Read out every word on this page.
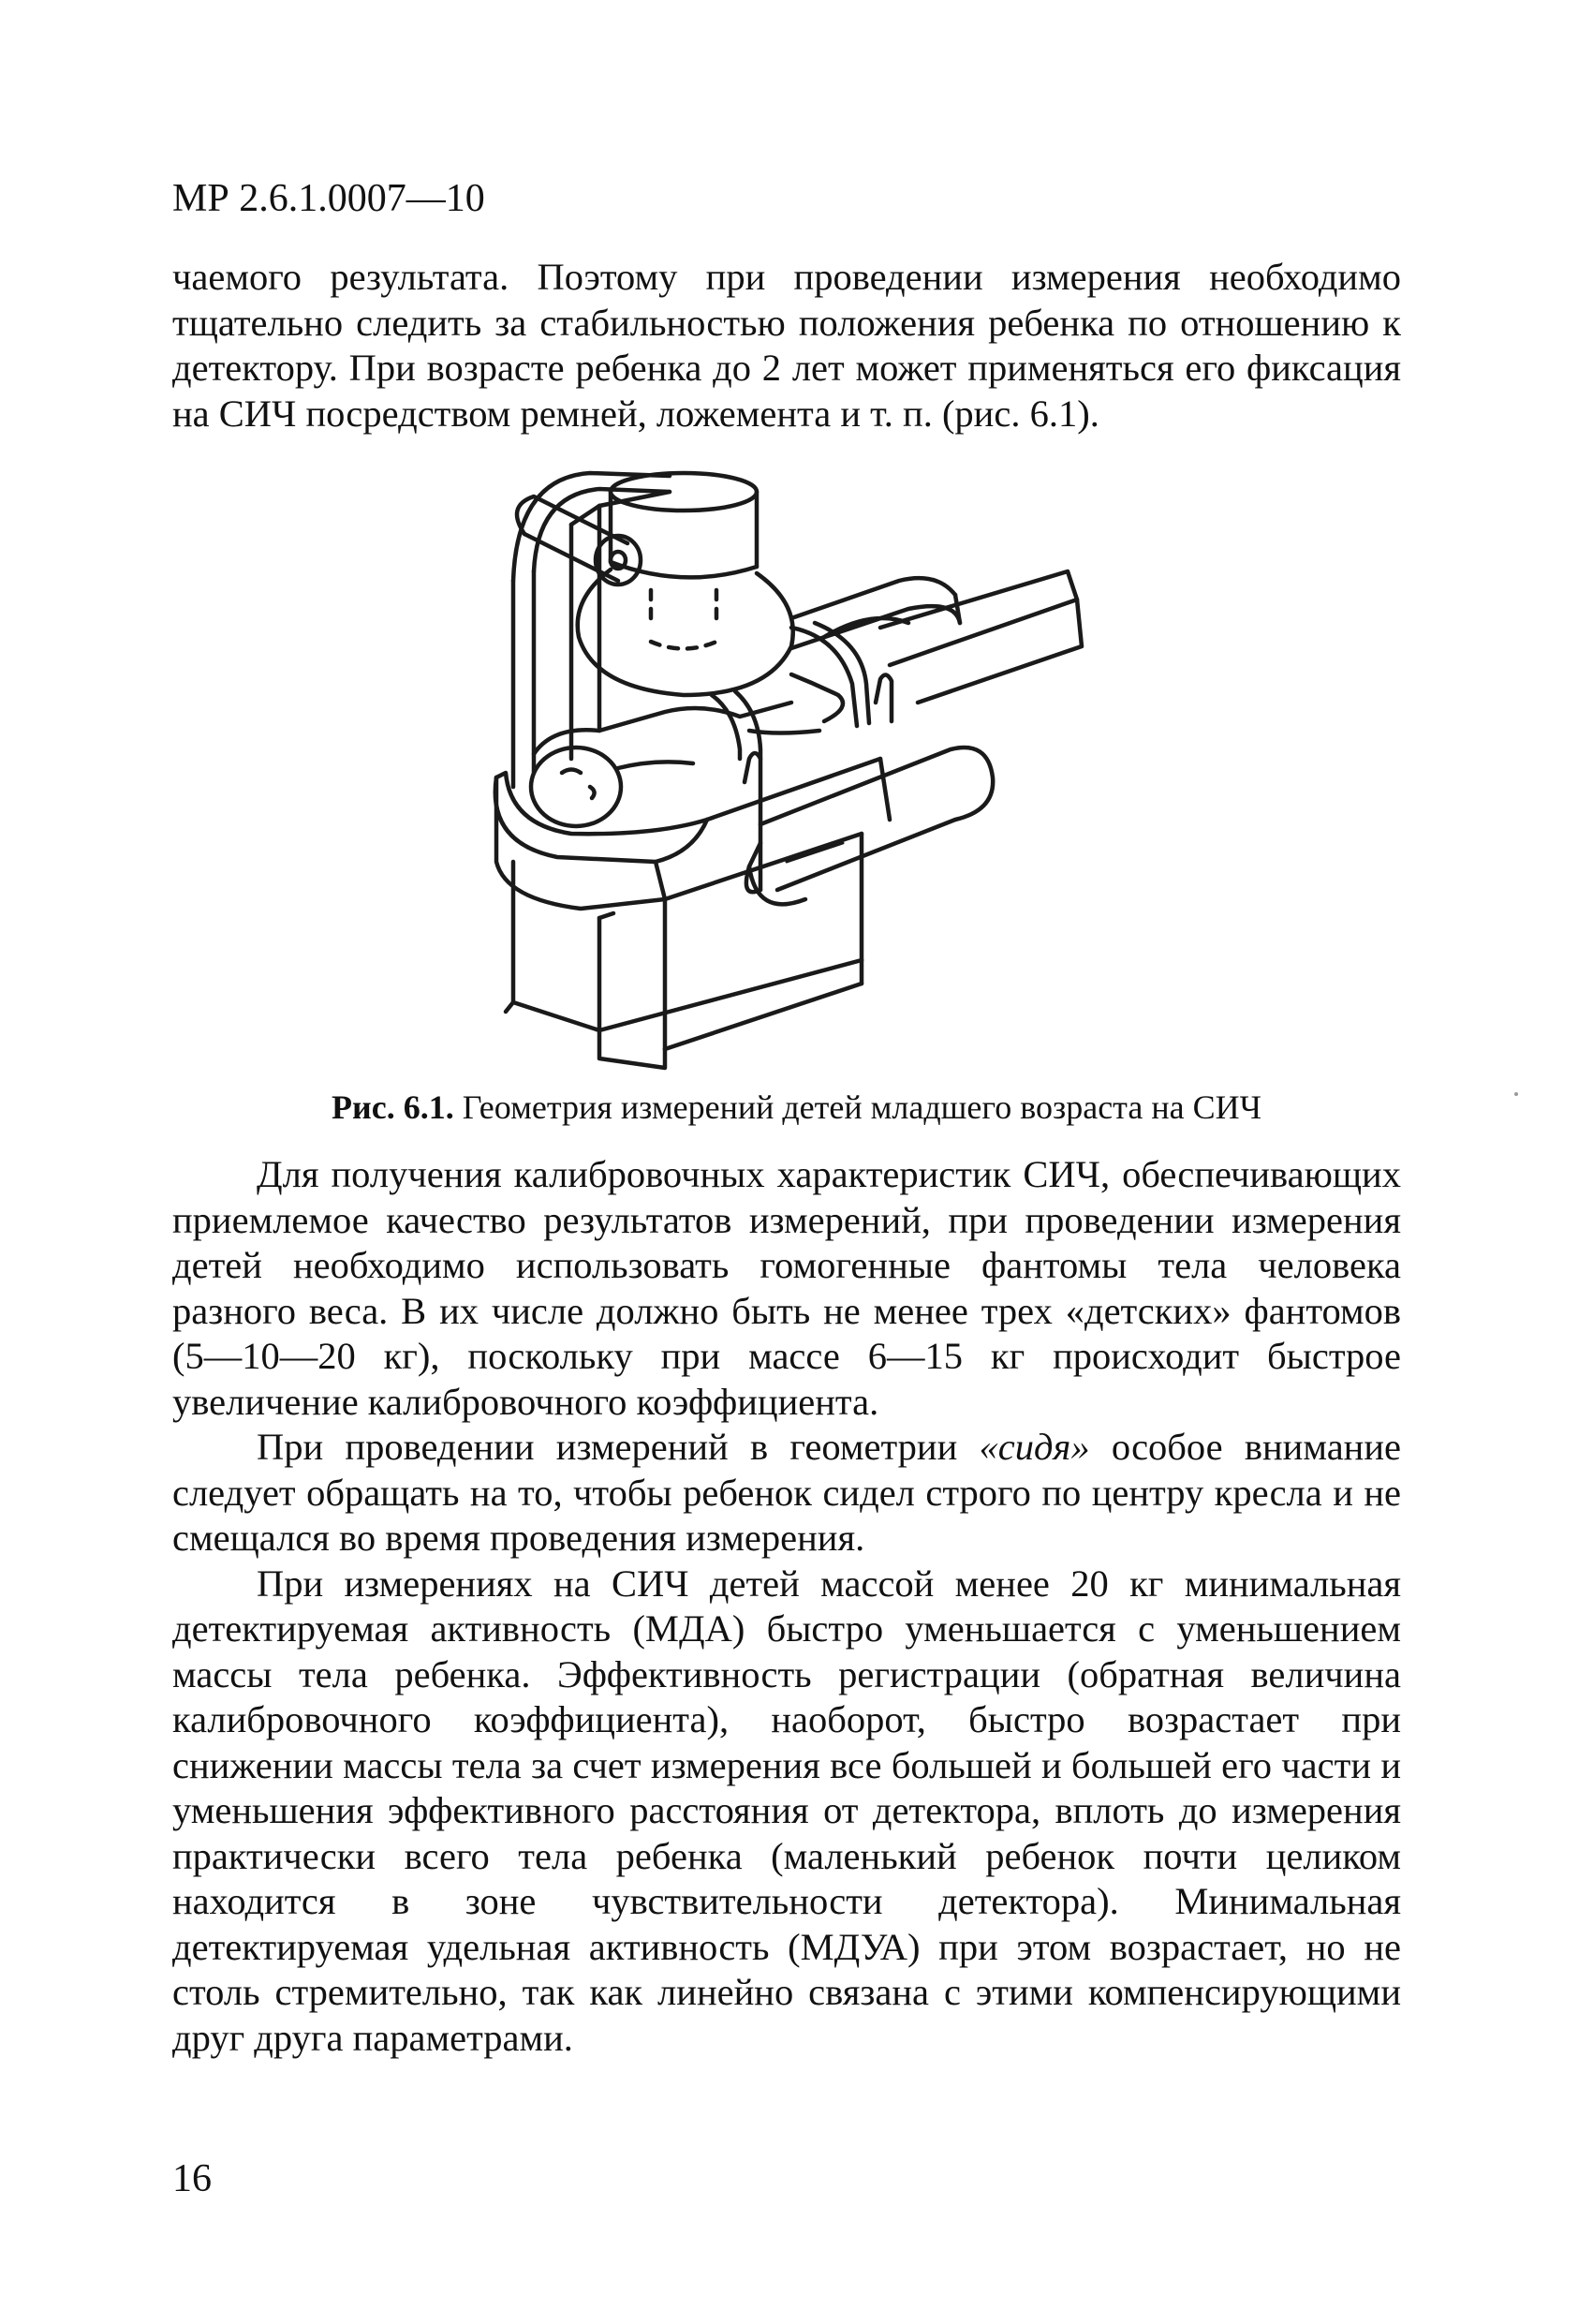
МР 2.6.1.0007—10

чаемого результата. Поэтому при проведении измерения необходимо тщательно следить за стабильностью положения ребенка по отношению к детектору. При возрасте ребенка до 2 лет может применяться его фиксация на СИЧ посредством ремней, ложемента и т. п. (рис. 6.1).

Рис. 6.1. Геометрия измерений детей младшего возраста на СИЧ

Для получения калибровочных характеристик СИЧ, обеспечивающих приемлемое качество результатов измерений, при проведении измерения детей необходимо использовать гомогенные фантомы тела человека разного веса. В их числе должно быть не менее трех «детских» фантомов (5—10—20 кг), поскольку при массе 6—15 кг происходит быстрое увеличение калибровочного коэффициента.

При проведении измерений в геометрии «сидя» особое внимание следует обращать на то, чтобы ребенок сидел строго по центру кресла и не смещался во время проведения измерения.

При измерениях на СИЧ детей массой менее 20 кг минимальная детектируемая активность (МДА) быстро уменьшается с уменьшением массы тела ребенка. Эффективность регистрации (обратная величина калибровочного коэффициента), наоборот, быстро возрастает при снижении массы тела за счет измерения все большей и большей его части и уменьшения эффективного расстояния от детектора, вплоть до измерения практически всего тела ребенка (маленький ребенок почти целиком находится в зоне чувствительности детектора). Минимальная детектируемая удельная активность (МДУА) при этом возрастает, но не столь стремительно, так как линейно связана с этими компенсирующими друг друга параметрами.

16
